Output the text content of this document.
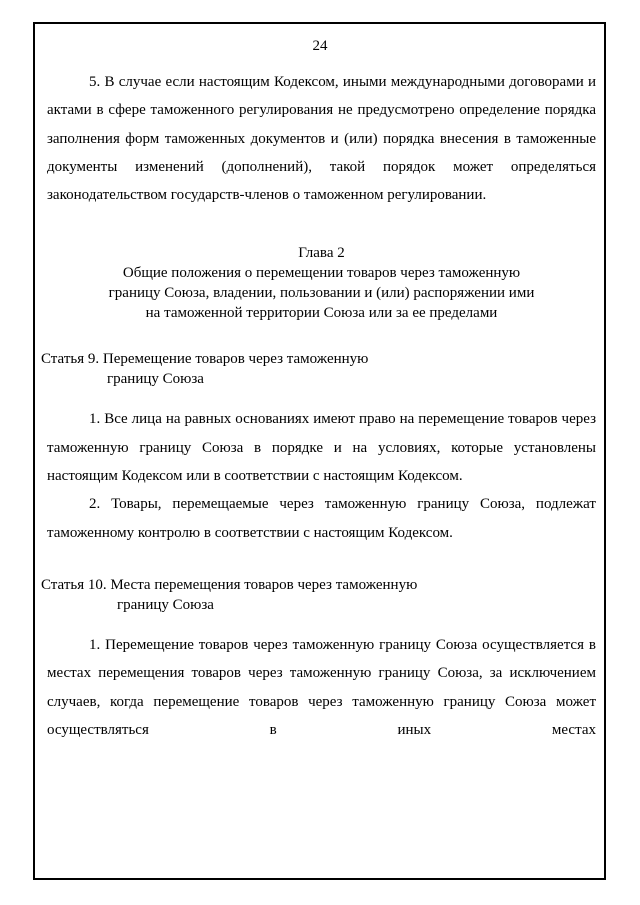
24

5. В случае если настоящим Кодексом, иными международными договорами и актами в сфере таможенного регулирования не предусмотрено определение порядка заполнения форм таможенных документов и (или) порядка внесения в таможенные документы изменений (дополнений), такой порядок может определяться законодательством государств-членов о таможенном регулировании.

Глава 2

Общие положения о перемещении товаров через таможенную

границу Союза, владении, пользовании и (или) распоряжении ими

на таможенной территории Союза или за ее пределами

Статья 9. Перемещение товаров через таможенную
границу Союза

1. Все лица на равных основаниях имеют право на перемещение товаров через таможенную границу Союза в порядке и на условиях, которые установлены настоящим Кодексом или в соответствии с настоящим Кодексом.

2. Товары, перемещаемые через таможенную границу Союза, подлежат таможенному контролю в соответствии с настоящим Кодексом.

Статья 10. Места перемещения товаров через таможенную
границу Союза

1. Перемещение товаров через таможенную границу Союза осуществляется в местах перемещения товаров через таможенную границу Союза, за исключением случаев, когда перемещение товаров через таможенную границу Союза может осуществляться в иных местах
